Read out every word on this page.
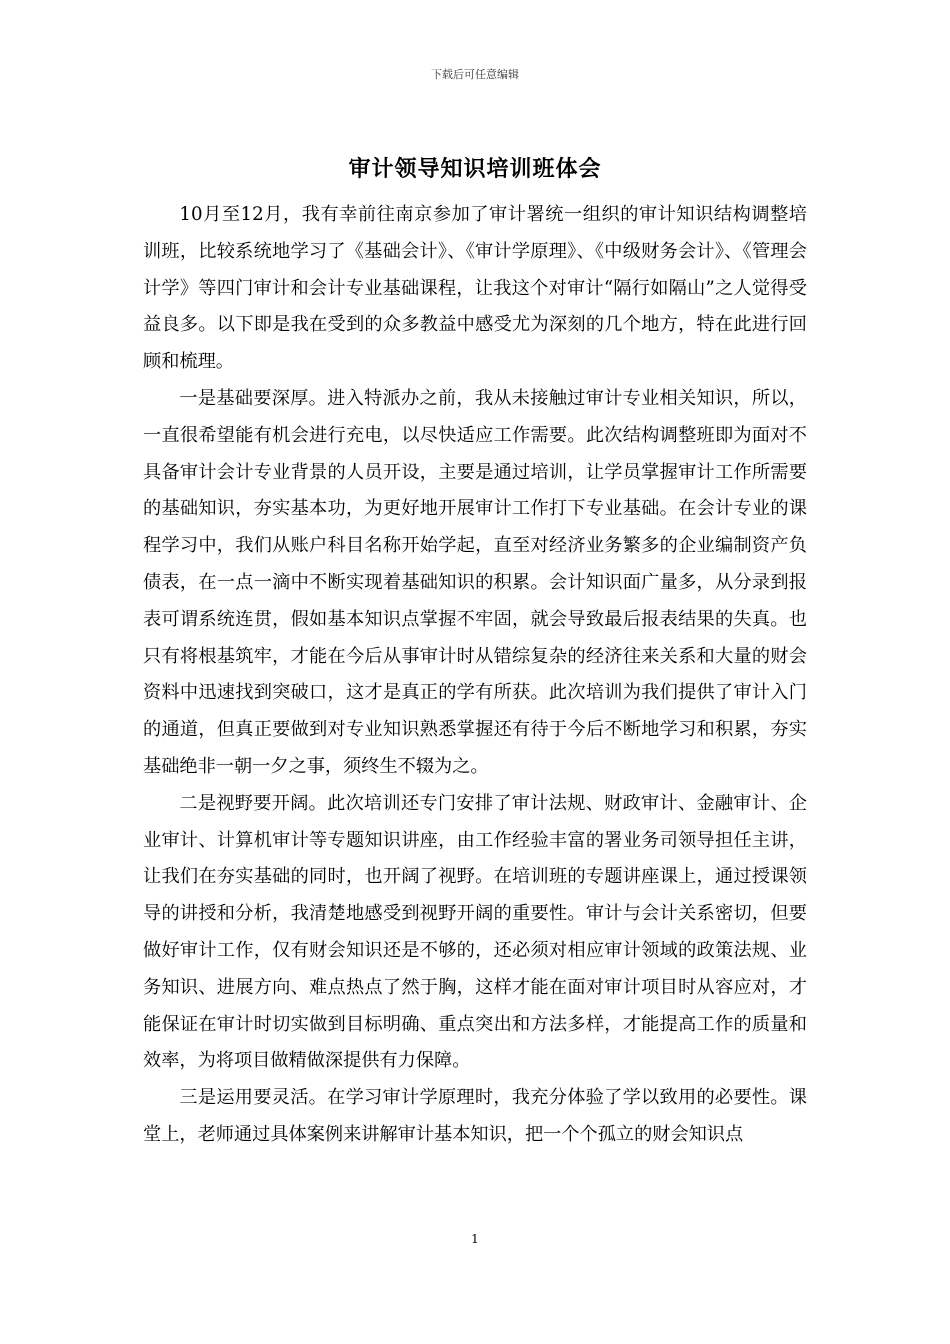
下载后可任意编辑
审计领导知识培训班体会

10月至12月，我有幸前往南京参加了审计署统一组织的审计知识结构调整培训班，比较系统地学习了《基础会计》、《审计学原理》、《中级财务会计》、《管理会计学》等四门审计和会计专业基础课程，让我这个对审计“隔行如隔山”之人觉得受益良多。以下即是我在受到的众多教益中感受尤为深刻的几个地方，特在此进行回顾和梳理。

一是基础要深厚。进入特派办之前，我从未接触过审计专业相关知识，所以，一直很希望能有机会进行充电，以尽快适应工作需要。此次结构调整班即为面对不具备审计会计专业背景的人员开设，主要是通过培训，让学员掌握审计工作所需要的基础知识，夯实基本功，为更好地开展审计工作打下专业基础。在会计专业的课程学习中，我们从账户科目名称开始学起，直至对经济业务繁多的企业编制资产负债表，在一点一滴中不断实现着基础知识的积累。会计知识面广量多，从分录到报表可谓系统连贯，假如基本知识点掌握不牢固，就会导致最后报表结果的失真。也只有将根基筑牢，才能在今后从事审计时从错综复杂的经济往来关系和大量的财会资料中迅速找到突破口，这才是真正的学有所获。此次培训为我们提供了审计入门的通道，但真正要做到对专业知识熟悉掌握还有待于今后不断地学习和积累，夯实基础绝非一朝一夕之事，须终生不辍为之。

二是视野要开阔。此次培训还专门安排了审计法规、财政审计、金融审计、企业审计、计算机审计等专题知识讲座，由工作经验丰富的署业务司领导担任主讲，让我们在夯实基础的同时，也开阔了视野。在培训班的专题讲座课上，通过授课领导的讲授和分析，我清楚地感受到视野开阔的重要性。审计与会计关系密切，但要做好审计工作，仅有财会知识还是不够的，还必须对相应审计领域的政策法规、业务知识、进展方向、难点热点了然于胸，这样才能在面对审计项目时从容应对，才能保证在审计时切实做到目标明确、重点突出和方法多样，才能提高工作的质量和效率，为将项目做精做深提供有力保障。

三是运用要灵活。在学习审计学原理时，我充分体验了学以致用的必要性。课堂上，老师通过具体案例来讲解审计基本知识，把一个个孤立的财会知识点

1
